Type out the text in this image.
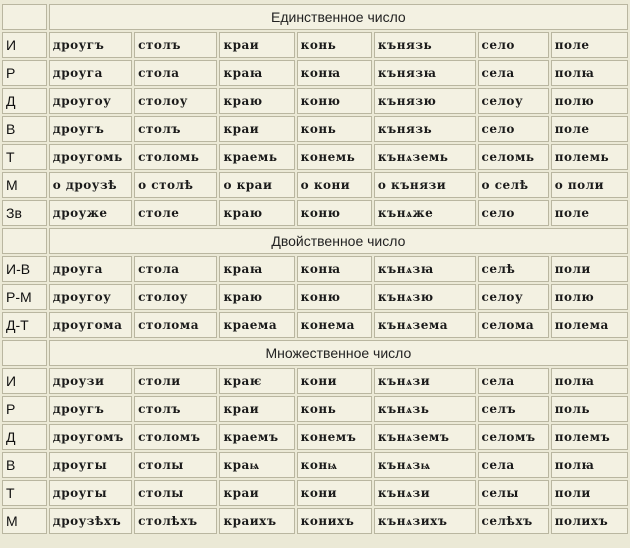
	Единственное число						
И	дроугъ	столъ	краи	конь	кънязь	село	поле
Р	дроуга	стола	краꙗ	конꙗ	кънязꙗ	села	полꙗ
Д	дроугоу	столоу	краю	коню	кънязю	селоу	полю
В	дроугъ	столъ	краи	конь	кънязь	село	поле
Т	дроугомь	столомь	краемь	конемь	кънѧземь	селомь	полемь
М	о дроузѣ	о столѣ	о краи	о кони	о кънязи	о селѣ	о поли
Зв	дроуже	столе	краю	коню	кънѧже	село	поле
	Двойственное число						
И-В	дроуга	стола	краꙗ	конꙗ	кънѧзꙗ	селѣ	поли
Р-М	дроугоу	столоу	краю	коню	кънѧзю	селоу	полю
Д-Т	дроугома	столома	краема	конема	кънѧзема	селома	полема
	Множественное число						
И	дроузи	столи	краѥ	кони	кънѧзи	села	полꙗ
Р	дроугъ	столъ	краи	конь	кънѧзь	селъ	поль
Д	дроугомъ	столомъ	краемъ	конемъ	кънѧземъ	селомъ	полемъ
В	дроугы	столы	краѩ	конѩ	кънѧзѩ	села	полꙗ
Т	дроугы	столы	краи	кони	кънѧзи	селы	поли
М	дроузѣхъ	столѣхъ	краихъ	конихъ	кънѧзихъ	селѣхъ	полихъ
